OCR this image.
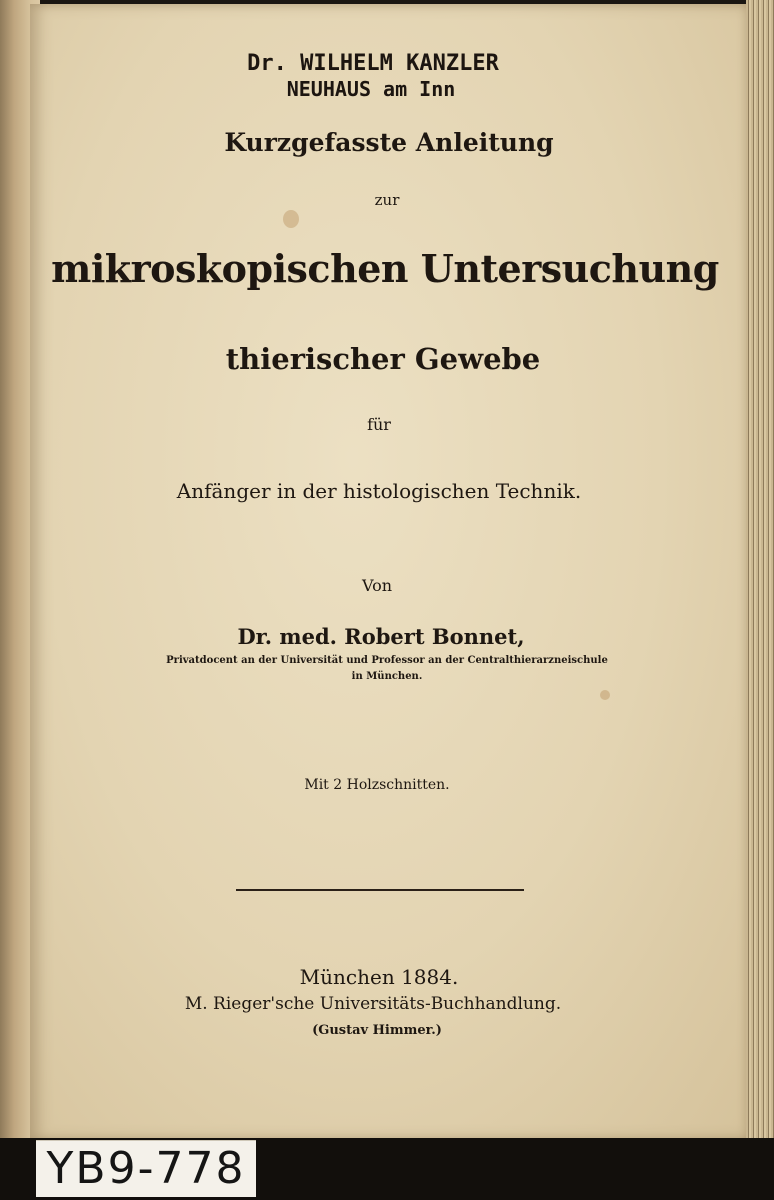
Dr. WILHELM KANZLER
NEUHAUS am Inn
Kurzgefasste Anleitung
zur
mikroskopischen Untersuchung
thierischer Gewebe
für
Anfänger in der histologischen Technik.
Von
Dr. med. Robert Bonnet,
Privatdocent an der Universität und Professor an der Centralthierarzneischule
in München.
Mit 2 Holzschnitten.
München 1884.
M. Rieger'sche Universitäts-Buchhandlung.
(Gustav Himmer.)
YB9-778
